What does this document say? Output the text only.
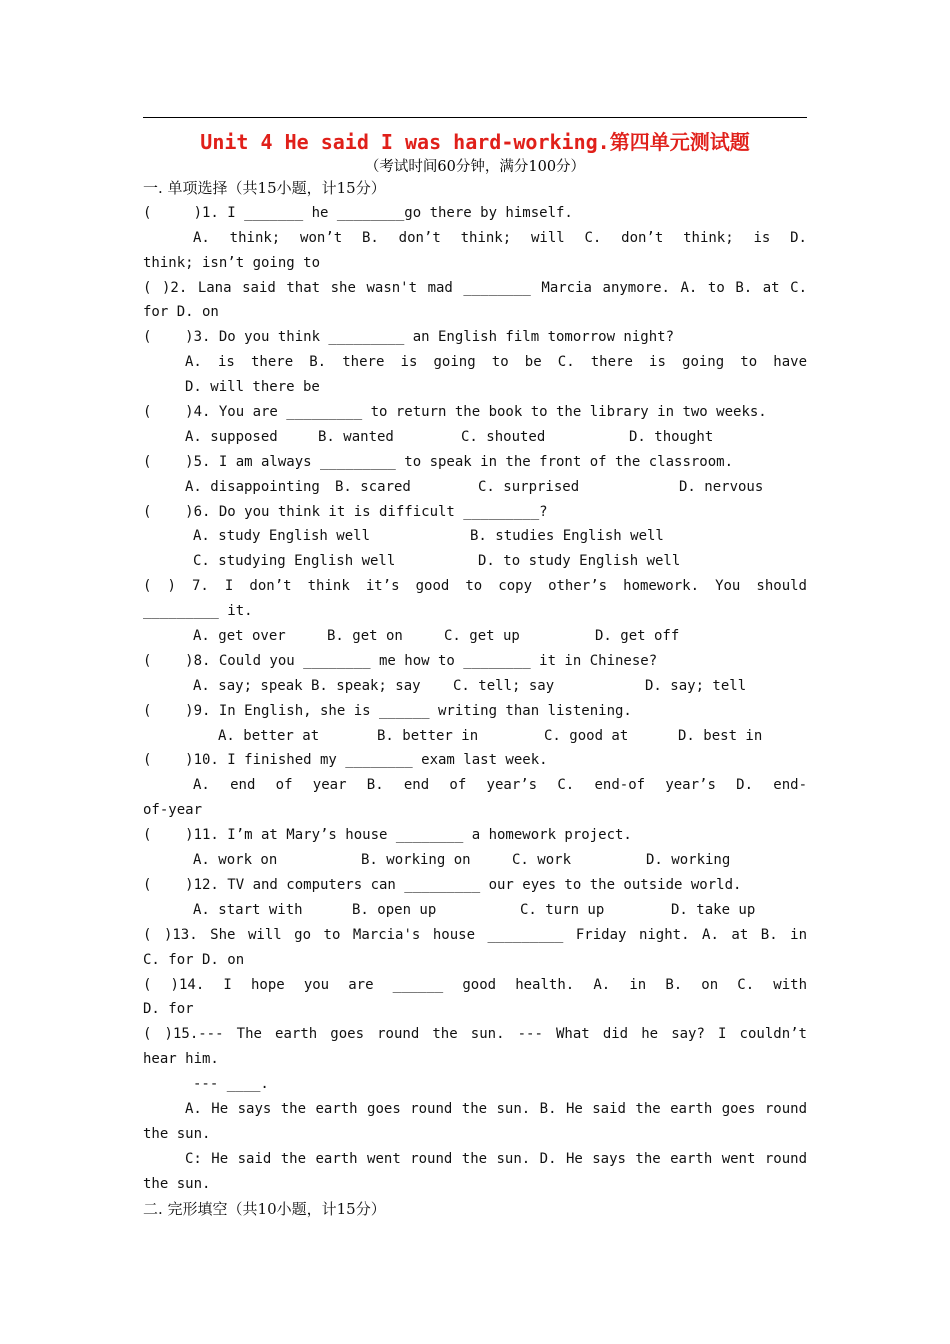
Unit 4 He said I was hard-working.第四单元测试题
（考试时间60分钟，满分100分）
一. 单项选择（共15小题，计15分）
(     )1. I _______ he ________go there by himself.
A. think; won’t B. don’t think; will C. don’t think; is D.
think; isn’t going to
( )2. Lana said that she wasn't mad ________ Marcia anymore. A. to B. at C.
for D. on
(    )3. Do you think _________ an English film tomorrow night?
A. is there B. there is going to be C. there is going to have
D. will there be
(    )4. You are _________ to return the book to the library in two weeks.
A. supposed	B. wanted	C. shouted	D. thought
(    )5. I am always _________ to speak in the front of the classroom.
A. disappointing	B. scared	C. surprised	D. nervous
(    )6. Do you think it is difficult _________?
A. study English well	B. studies English well
C. studying English well	D. to study English well
( ) 7. I don’t think it’s good to copy other’s homework. You should
_________ it.
A. get over	B. get on	C. get up	D. get off
(    )8. Could you ________ me how to ________ it in Chinese?
A. say; speak B. speak; say	C. tell; say	D. say; tell
(    )9. In English, she is ______ writing than listening.
A. better at	B. better in	C. good at	D. best in
(    )10. I finished my ________ exam last week.
A. end of year B. end of year’s C. end-of year’s D. end-
of-year
(    )11. I’m at Mary’s house ________ a homework project.
A. work on	B. working on	C. work	D. working
(    )12. TV and computers can _________ our eyes to the outside world.
A. start with	B. open up	C. turn up	D. take up
( )13. She will go to Marcia's house _________ Friday night. A. at B. in
C. for D. on
( )14. I hope you are ______ good health. A. in B. on C. with
D. for
( )15.--- The earth goes round the sun. --- What did he say? I couldn’t
hear him.
--- ____.
A. He says the earth goes round the sun. B. He said the earth goes round
the sun.
C: He said the earth went round the sun. D. He says the earth went round
the sun.
二. 完形填空（共10小题，计15分）
